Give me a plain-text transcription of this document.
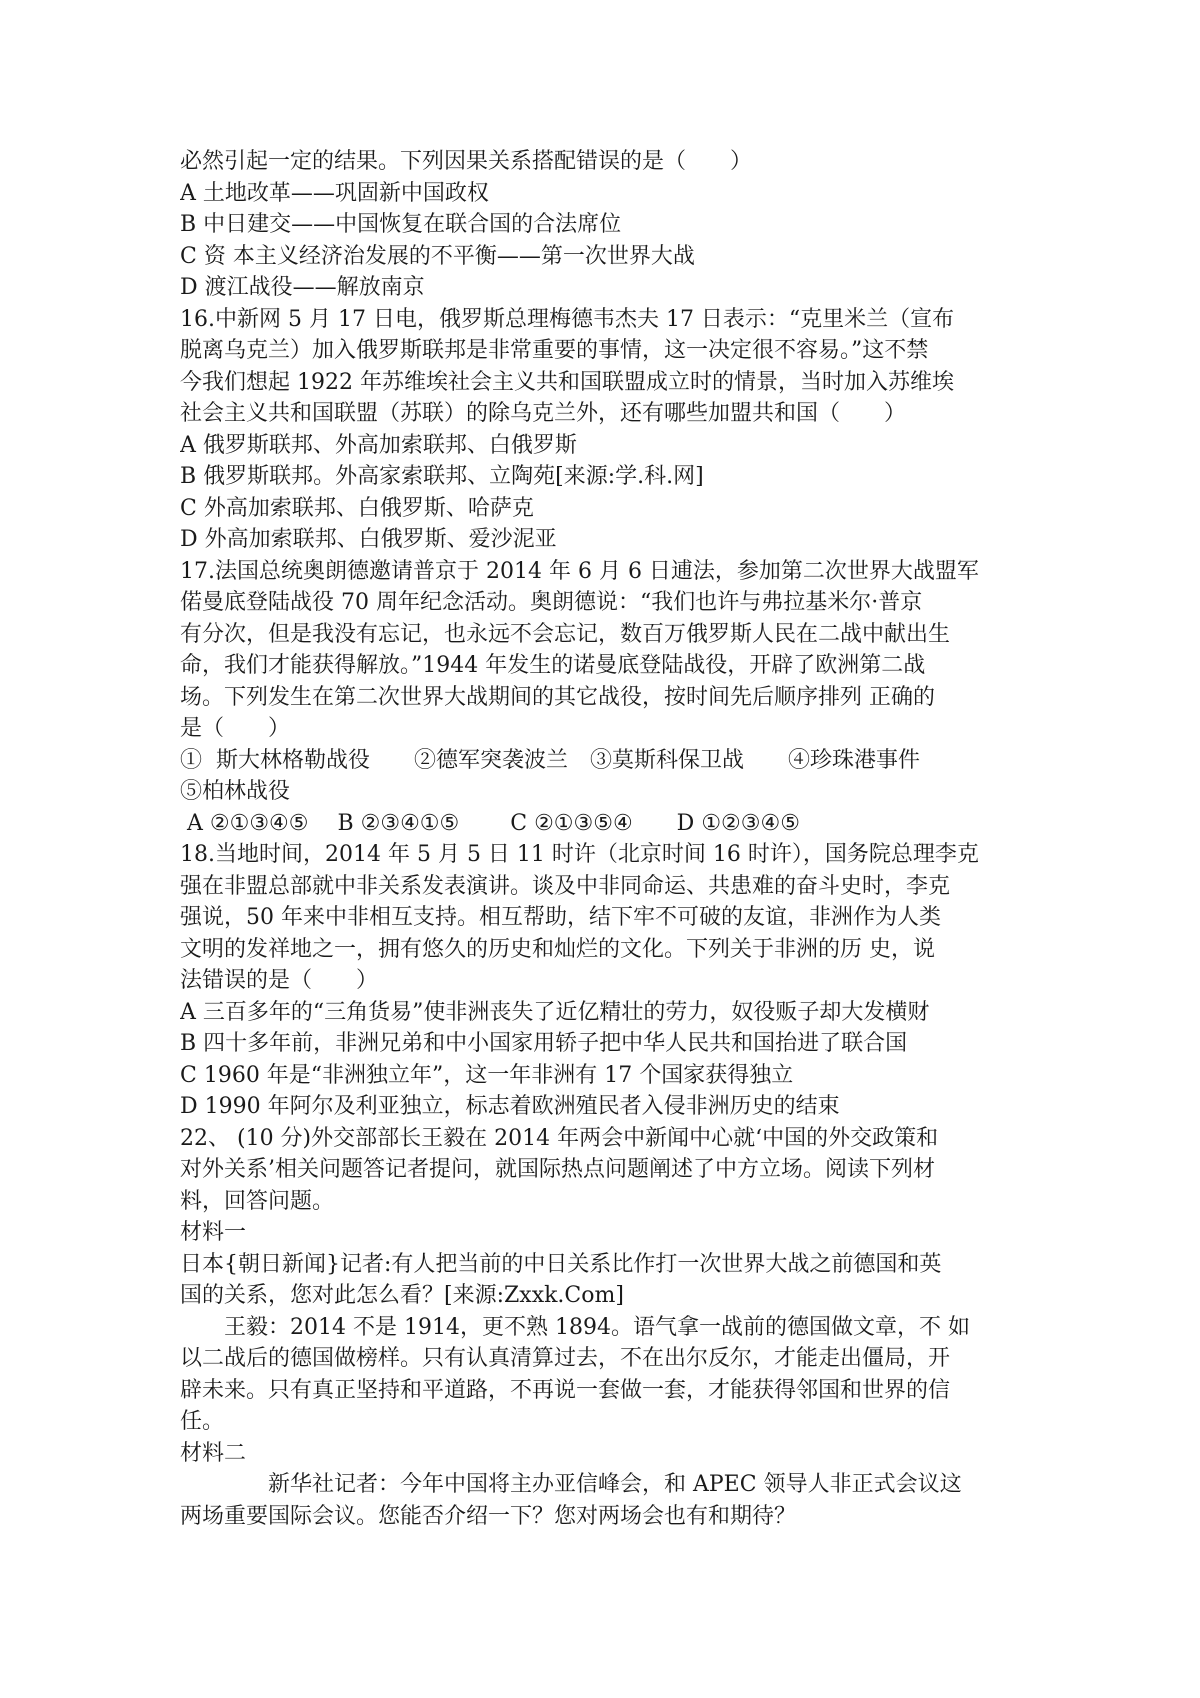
必然引起一定的结果。下列因果关系搭配错误的是（　　）
A 土地改革——巩固新中国政权
B 中日建交——中国恢复在联合国的合法席位
C 资 本主义经济治发展的不平衡——第一次世界大战
D 渡江战役——解放南京
16.中新网 5 月 17 日电，俄罗斯总理梅德韦杰夫 17 日表示：“克里米兰（宣布
脱离乌克兰）加入俄罗斯联邦是非常重要的事情，这一决定很不容易。”这不禁
今我们想起 1922 年苏维埃社会主义共和国联盟成立时的情景，当时加入苏维埃
社会主义共和国联盟（苏联）的除乌克兰外，还有哪些加盟共和国（　　）
A 俄罗斯联邦、外高加索联邦、白俄罗斯
B 俄罗斯联邦。外高家索联邦、立陶苑[来源:学.科.网]
C 外高加索联邦、白俄罗斯、哈萨克
D 外高加索联邦、白俄罗斯、爱沙泥亚
17.法国总统奥朗德邀请普京于 2014 年 6 月 6 日逋法，参加第二次世界大战盟军
偌曼底登陆战役 70 周年纪念活动。奥朗德说：“我们也许与弗拉基米尔·普京
有分次，但是我没有忘记，也永远不会忘记，数百万俄罗斯人民在二战中献出生
命，我们才能获得解放。”1944 年发生的诺曼底登陆战役，开辟了欧洲第二战
场。下列发生在第二次世界大战期间的其它战役，按时间先后顺序排列 正确的
是（　　）
①  斯大林格勒战役　　②德军突袭波兰　③莫斯科保卫战　　④珍珠港事件
⑤柏林战役
A ②①③④⑤　 B ②③④①⑤　　 C ②①③⑤④　　D ①②③④⑤
18.当地时间，2014 年 5 月 5 日 11 时许（北京时间 16 时许），国务院总理李克
强在非盟总部就中非关系发表演讲。谈及中非同命运、共患难的奋斗史时，李克
强说，50 年来中非相互支持。相互帮助，结下牢不可破的友谊，非洲作为人类
文明的发祥地之一，拥有悠久的历史和灿烂的文化。下列关于非洲的历 史，说
法错误的是（　　）
A 三百多年的“三角货易”使非洲丧失了近亿精壮的劳力，奴役贩子却大发横财
B 四十多年前，非洲兄弟和中小国家用轿子把中华人民共和国抬进了联合国
C 1960 年是“非洲独立年”，这一年非洲有 17 个国家获得独立
D 1990 年阿尔及利亚独立，标志着欧洲殖民者入侵非洲历史的结束
22、 (10 分)外交部部长王毅在 2014 年两会中新闻中心就‘中国的外交政策和
对外关系’相关问题答记者提问，就国际热点问题阐述了中方立场。阅读下列材
料，回答问题。
材料一
日本{朝日新闻}记者:有人把当前的中日关系比作打一次世界大战之前德国和英
国的关系，您对此怎么看？[来源:Zxxk.Com]
　　王毅：2014 不是 1914，更不熟 1894。语气拿一战前的德国做文章，不 如
以二战后的德国做榜样。只有认真清算过去，不在出尔反尔，才能走出僵局，开
辟未来。只有真正坚持和平道路，不再说一套做一套，才能获得邻国和世界的信
任。
材料二
　　　　新华社记者：今年中国将主办亚信峰会，和 APEC 领导人非正式会议这
两场重要国际会议。您能否介绍一下？您对两场会也有和期待？
